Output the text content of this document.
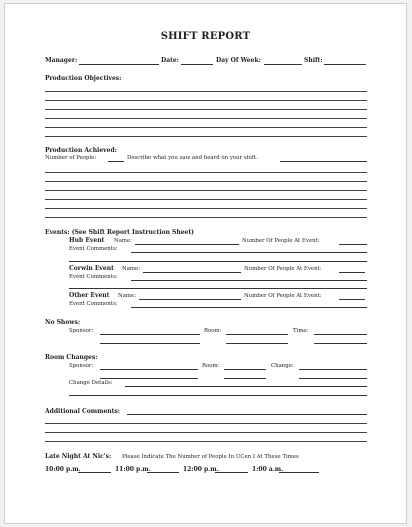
SHIFT REPORT
Manager:	Date:	Day Of Week:	Shift:
Production Objectives:
Production Achieved:
Number of People:	Describe what you saw and heard on your shift.
Events: (See Shift Report Instruction Sheet)
Hub Event Name:	Number Of People At Event:
Event Comments:
Corwin Event Name:	Number Of People At Event:
Event Comments:
Other Event Name:	Number Of People At Event:
Event Comments:
No Shows:
Sponsor:	Room:	Time:
Room Changes:
Sponsor:	Room:	Change:
Change Details:
Additional Comments:
Late Night At Nic's: Please Indicate The Number of People In UCen I At These Times
10:00 p.m.	11:00 p.m.	12:00 p.m.	1:00 a.m.
